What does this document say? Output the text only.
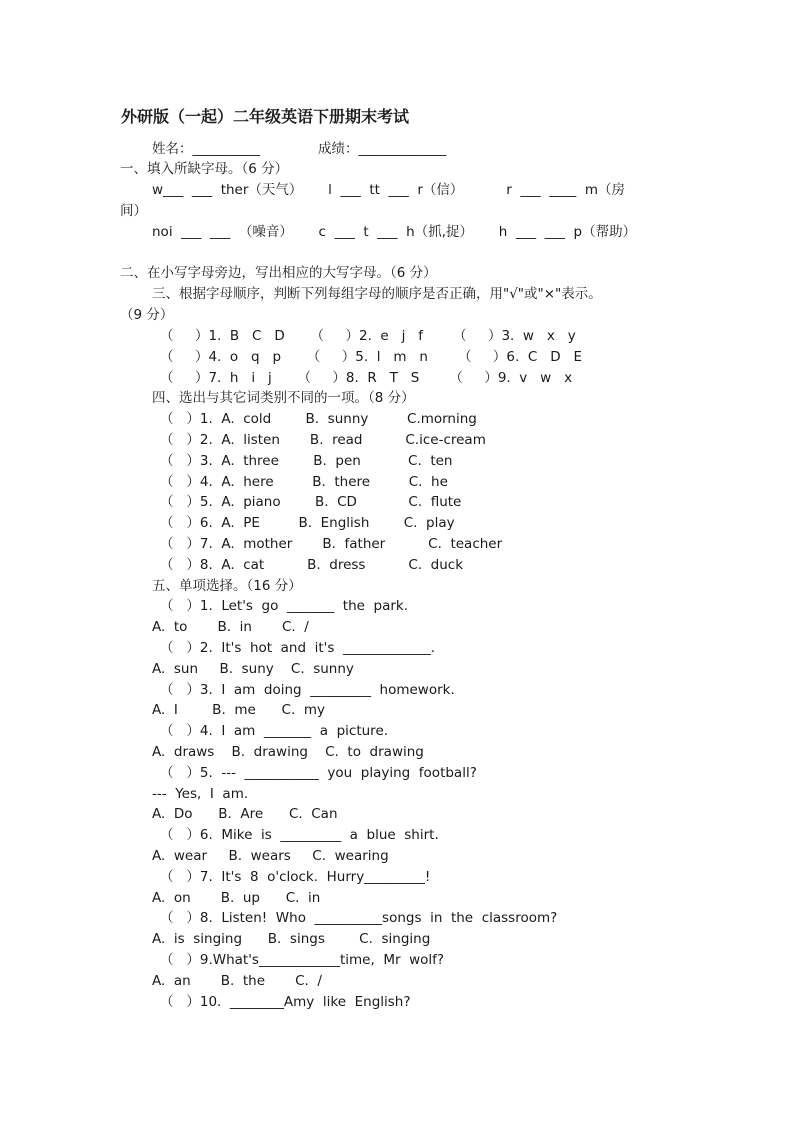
外研版（一起）二年级英语下册期末考试
姓名：__________	成绩：_____________
一、填入所缺字母。（6 分）
w___  ___  ther（天气）      l  ___  tt  ___  r（信）          r  ___  ____  m（房
间）
noi  ___  ___  （噪音）      c  ___  t  ___  h（抓,捉）      h  ___  ___  p（帮助）
二、在小写字母旁边，写出相应的大写字母。（6 分）
三、根据字母顺序，判断下列每组字母的顺序是否正确，用"√"或"×"表示。
（9 分）
（     ）1.  B   C   D      （     ）2.  e   j   f       （     ）3.  w   x   y
（     ）4.  o   q   p      （     ）5.  l   m   n       （     ）6.  C   D   E
（     ）7.  h   i   j      （     ）8.  R   T   S       （     ）9.  v   w   x
四、选出与其它词类别不同的一项。（8 分）
（   ）1.  A.  cold        B.  sunny         C.morning
（   ）2.  A.  listen       B.  read          C.ice-cream
（   ）3.  A.  three        B.  pen           C.  ten
（   ）4.  A.  here         B.  there         C.  he
（   ）5.  A.  piano        B.  CD            C.  flute
（   ）6.  A.  PE         B.  English        C.  play
（   ）7.  A.  mother       B.  father          C.  teacher
（   ）8.  A.  cat          B.  dress          C.  duck
五、单项选择。（16 分）
（   ）1.  Let's  go  _______  the  park.
A.  to       B.  in       C.  /
（   ）2.  It's  hot  and  it's  _____________.
A.  sun     B.  suny    C.  sunny
（   ）3.  I  am  doing  _________  homework.
A.  I        B.  me      C.  my
（   ）4.  I  am  _______  a  picture.
A.  draws    B.  drawing    C.  to  drawing
（   ）5.  ---  ___________  you  playing  football?
---  Yes,  I  am.
A.  Do      B.  Are      C.  Can
（   ）6.  Mike  is  _________  a  blue  shirt.
A.  wear     B.  wears     C.  wearing
（   ）7.  It's  8  o'clock.  Hurry_________!
A.  on       B.  up      C.  in
（   ）8.  Listen!  Who  __________songs  in  the  classroom?
A.  is  singing      B.  sings        C.  singing
（   ）9.What's____________time,  Mr  wolf?
A.  an       B.  the       C.  /
（   ）10.  ________Amy  like  English?
